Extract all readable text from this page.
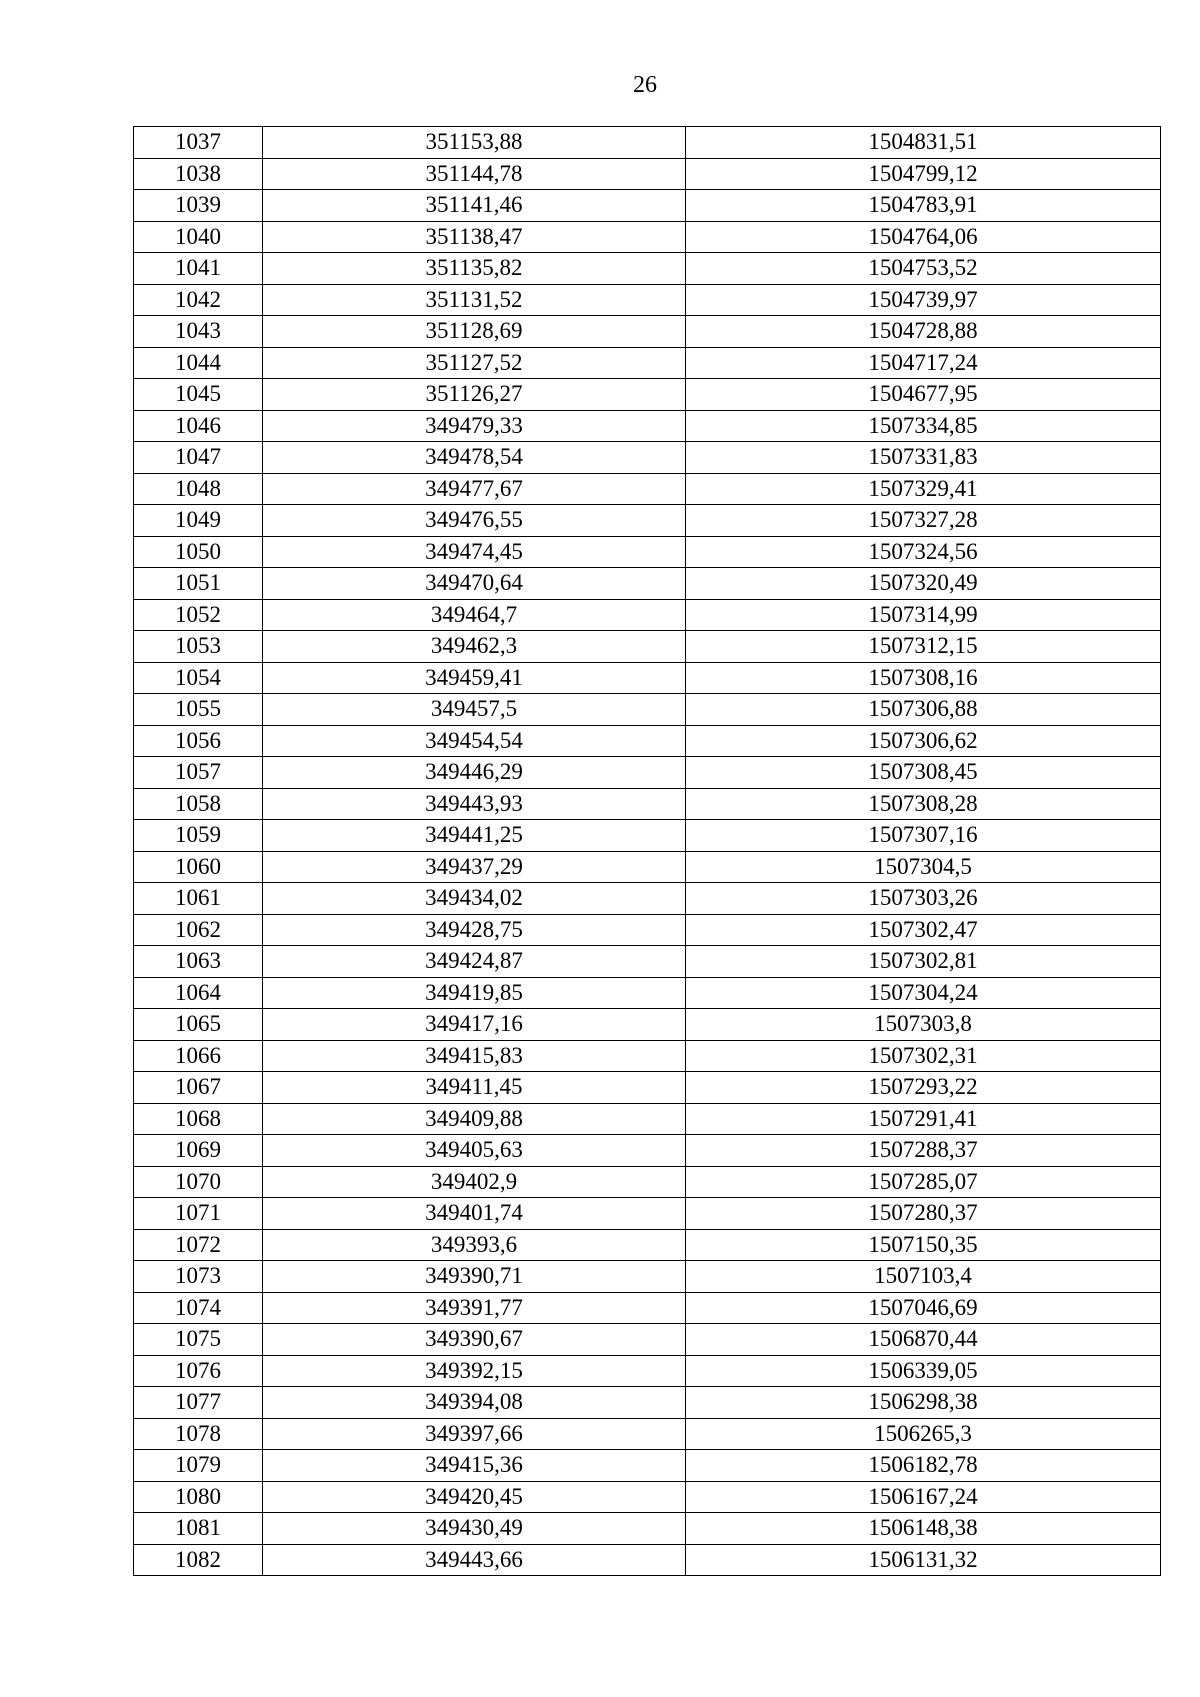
26
1037	351153,88	1504831,51
1038	351144,78	1504799,12
1039	351141,46	1504783,91
1040	351138,47	1504764,06
1041	351135,82	1504753,52
1042	351131,52	1504739,97
1043	351128,69	1504728,88
1044	351127,52	1504717,24
1045	351126,27	1504677,95
1046	349479,33	1507334,85
1047	349478,54	1507331,83
1048	349477,67	1507329,41
1049	349476,55	1507327,28
1050	349474,45	1507324,56
1051	349470,64	1507320,49
1052	349464,7	1507314,99
1053	349462,3	1507312,15
1054	349459,41	1507308,16
1055	349457,5	1507306,88
1056	349454,54	1507306,62
1057	349446,29	1507308,45
1058	349443,93	1507308,28
1059	349441,25	1507307,16
1060	349437,29	1507304,5
1061	349434,02	1507303,26
1062	349428,75	1507302,47
1063	349424,87	1507302,81
1064	349419,85	1507304,24
1065	349417,16	1507303,8
1066	349415,83	1507302,31
1067	349411,45	1507293,22
1068	349409,88	1507291,41
1069	349405,63	1507288,37
1070	349402,9	1507285,07
1071	349401,74	1507280,37
1072	349393,6	1507150,35
1073	349390,71	1507103,4
1074	349391,77	1507046,69
1075	349390,67	1506870,44
1076	349392,15	1506339,05
1077	349394,08	1506298,38
1078	349397,66	1506265,3
1079	349415,36	1506182,78
1080	349420,45	1506167,24
1081	349430,49	1506148,38
1082	349443,66	1506131,32
